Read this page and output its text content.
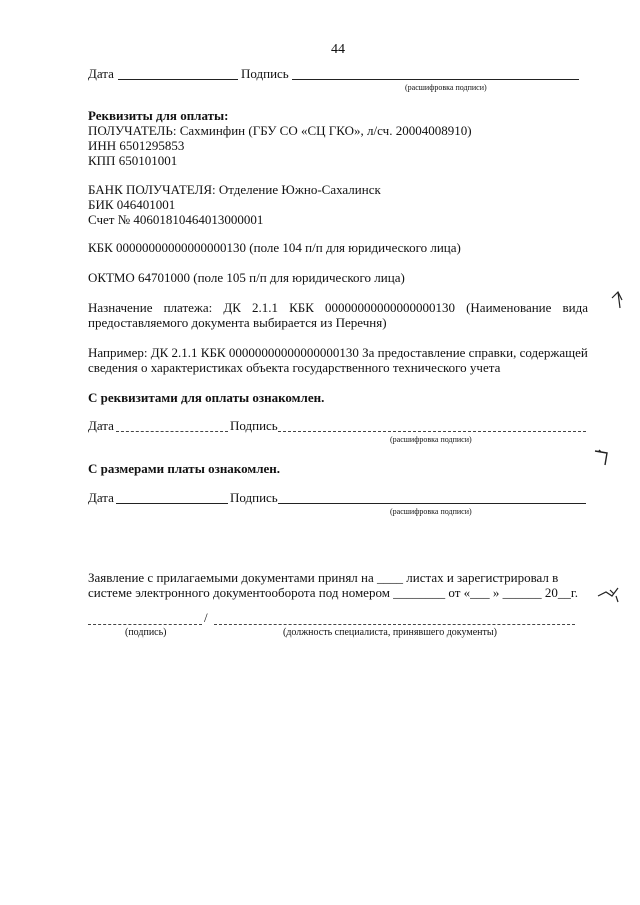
44
Дата	Подпись
(расшифровка подписи)
Реквизиты для оплаты:
ПОЛУЧАТЕЛЬ: Сахминфин (ГБУ СО «СЦ ГКО», л/сч. 20004008910)
ИНН 6501295853
КПП 650101001
БАНК ПОЛУЧАТЕЛЯ: Отделение Южно-Сахалинск
БИК 046401001
Счет № 40601810464013000001
КБК 00000000000000000130 (поле 104 п/п для юридического лица)
ОКТМО 64701000 (поле 105 п/п для юридического лица)
Назначение платежа: ДК 2.1.1 КБК 00000000000000000130 (Наименование вида
предоставляемого документа выбирается из Перечня)
Например: ДК 2.1.1 КБК 00000000000000000130 За предоставление справки, содержащей
сведения о характеристиках объекта государственного технического учета
С реквизитами для оплаты ознакомлен.
Дата	Подпись
(расшифровка подписи)
С размерами платы ознакомлен.
Дата	Подпись
(расшифровка подписи)
Заявление с прилагаемыми документами принял на ____ листах и зарегистрировал в
системе электронного документооборота под номером ________ от «___ » ______ 20__г.
/
(подпись)	(должность специалиста, принявшего документы)
